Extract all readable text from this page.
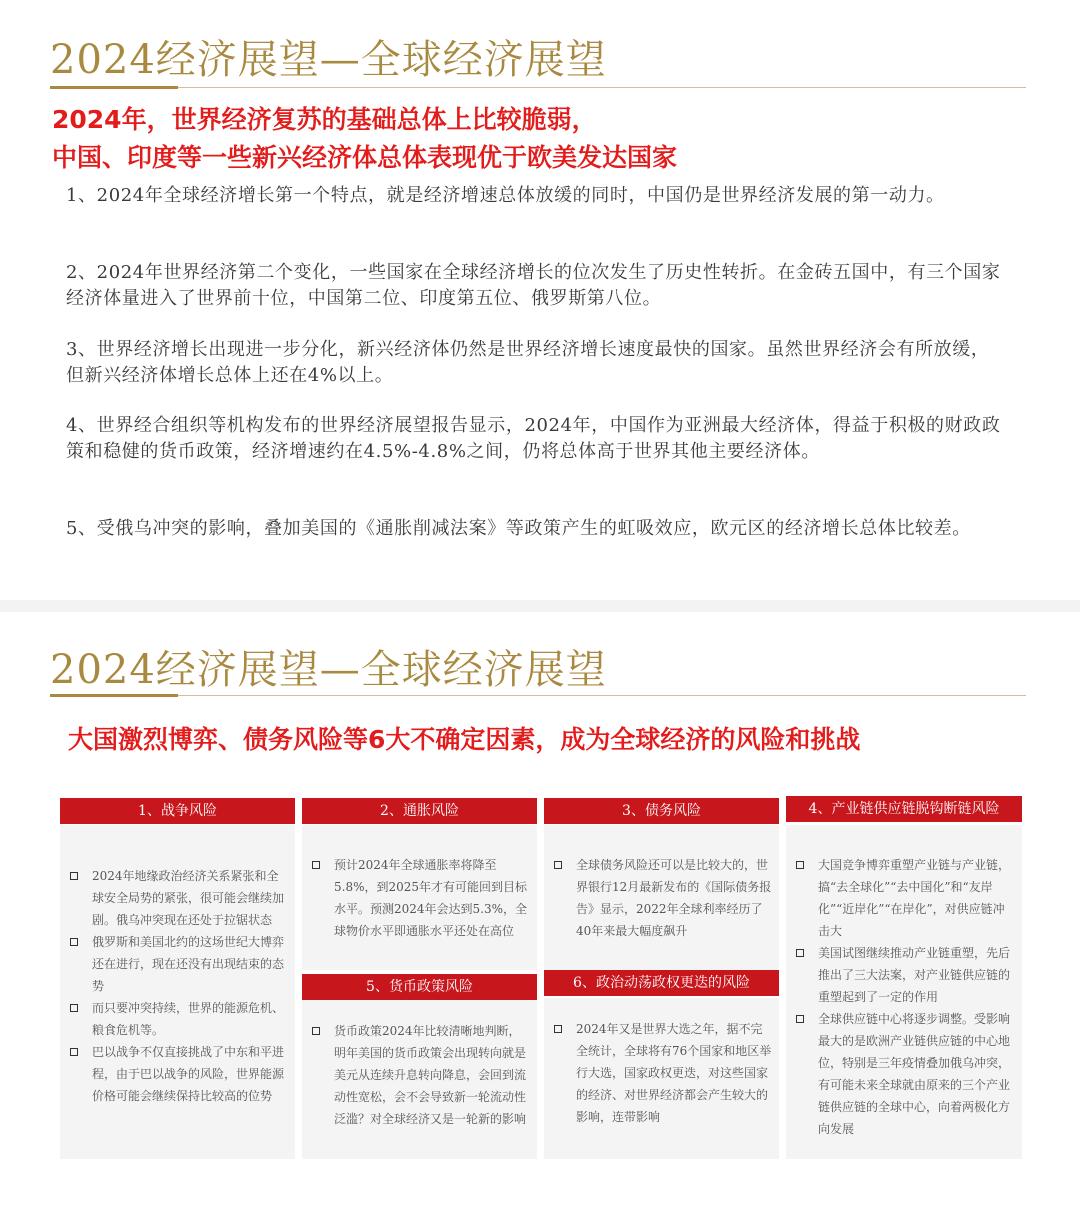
2024经济展望—全球经济展望
2024年，世界经济复苏的基础总体上比较脆弱，
中国、印度等一些新兴经济体总体表现优于欧美发达国家
1、2024年全球经济增长第一个特点，就是经济增速总体放缓的同时，中国仍是世界经济发展的第一动力。
2、2024年世界经济第二个变化，一些国家在全球经济增长的位次发生了历史性转折。在金砖五国中，有三个国家经济体量进入了世界前十位，中国第二位、印度第五位、俄罗斯第八位。
3、世界经济增长出现进一步分化，新兴经济体仍然是世界经济增长速度最快的国家。虽然世界经济会有所放缓，但新兴经济体增长总体上还在4%以上。
4、世界经合组织等机构发布的世界经济展望报告显示，2024年，中国作为亚洲最大经济体，得益于积极的财政政策和稳健的货币政策，经济增速约在4.5%-4.8%之间，仍将总体高于世界其他主要经济体。
5、受俄乌冲突的影响，叠加美国的《通胀削减法案》等政策产生的虹吸效应，欧元区的经济增长总体比较差。
2024经济展望—全球经济展望
大国激烈博弈、债务风险等6大不确定因素，成为全球经济的风险和挑战
1、战争风险
2024年地缘政治经济关系紧张和全球安全局势的紧张，很可能会继续加剧。俄乌冲突现在还处于拉锯状态
俄罗斯和美国北约的这场世纪大博弈还在进行，现在还没有出现结束的态势
而只要冲突持续，世界的能源危机、粮食危机等。
巴以战争不仅直接挑战了中东和平进程，由于巴以战争的风险，世界能源价格可能会继续保持比较高的位势
2、通胀风险
预计2024年全球通胀率将降至5.8%，到2025年才有可能回到目标水平。预测2024年会达到5.3%，全球物价水平即通胀水平还处在高位
5、货币政策风险
货币政策2024年比较清晰地判断，明年美国的货币政策会出现转向就是美元从连续升息转向降息，会回到流动性宽松，会不会导致新一轮流动性泛滥？对全球经济又是一轮新的影响
3、债务风险
全球债务风险还可以是比较大的，世界银行12月最新发布的《国际债务报告》显示，2022年全球利率经历了40年来最大幅度飙升
6、政治动荡政权更迭的风险
2024年又是世界大选之年，据不完全统计，全球将有76个国家和地区举行大选，国家政权更迭，对这些国家的经济、对世界经济都会产生较大的影响，连带影响
4、产业链供应链脱钩断链风险
大国竞争博弈重塑产业链与产业链，搞“去全球化”“去中国化”和“友岸化”“近岸化”“在岸化”，对供应链冲击大
美国试图继续推动产业链重塑，先后推出了三大法案，对产业链供应链的重塑起到了一定的作用
全球供应链中心将逐步调整。受影响最大的是欧洲产业链供应链的中心地位，特别是三年疫情叠加俄乌冲突，有可能未来全球就由原来的三个产业链供应链的全球中心，向着两极化方向发展
